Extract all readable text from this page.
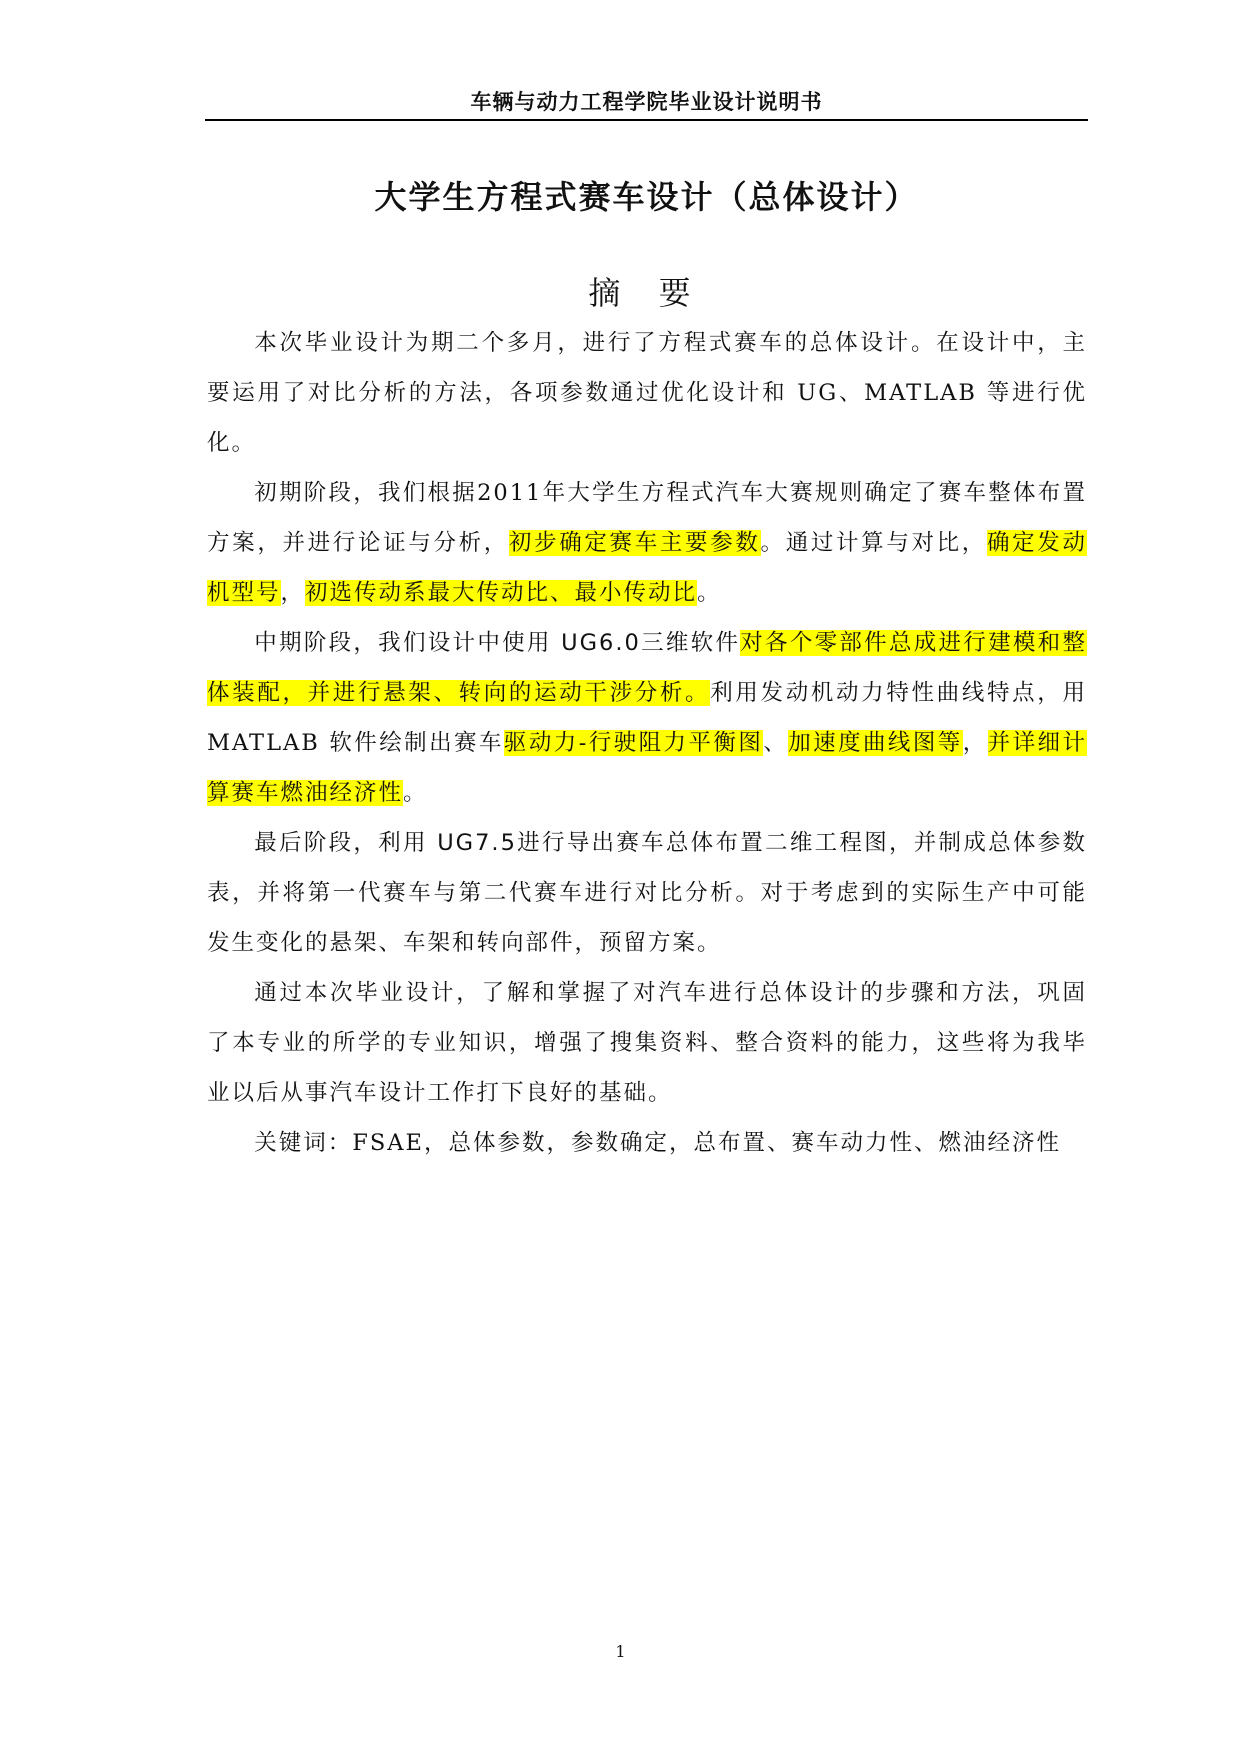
车辆与动力工程学院毕业设计说明书
大学生方程式赛车设计（总体设计）
摘 要

本次毕业设计为期二个多月，进行了方程式赛车的总体设计。在设计中，主要运用了对比分析的方法，各项参数通过优化设计和 UG、MATLAB 等进行优化。

初期阶段，我们根据2011年大学生方程式汽车大赛规则确定了赛车整体布置方案，并进行论证与分析，初步确定赛车主要参数。通过计算与对比，确定发动机型号，初选传动系最大传动比、最小传动比。

中期阶段，我们设计中使用 UG6.0三维软件对各个零部件总成进行建模和整体装配，并进行悬架、转向的运动干涉分析。利用发动机动力特性曲线特点，用 MATLAB 软件绘制出赛车驱动力-行驶阻力平衡图、加速度曲线图等，并详细计算赛车燃油经济性。

最后阶段，利用 UG7.5进行导出赛车总体布置二维工程图，并制成总体参数表，并将第一代赛车与第二代赛车进行对比分析。对于考虑到的实际生产中可能发生变化的悬架、车架和转向部件，预留方案。

通过本次毕业设计，了解和掌握了对汽车进行总体设计的步骤和方法，巩固了本专业的所学的专业知识，增强了搜集资料、整合资料的能力，这些将为我毕业以后从事汽车设计工作打下良好的基础。

关键词：FSAE，总体参数，参数确定，总布置、赛车动力性、燃油经济性

1
